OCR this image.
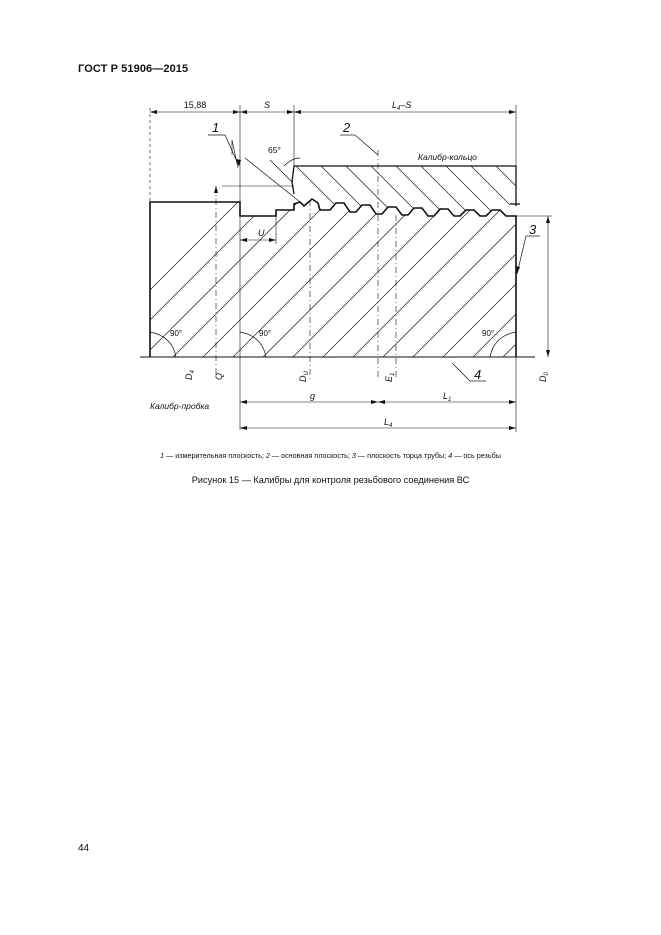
ГОСТ Р 51906—2015
15,88	S	$L_4-S$
1	2
3
4
65°
Калибр-кольцо
Калибр-пробка
U
90°	90°	90°
$D_4$
Q	$D_U$
$E_1$
$D_0$
g	$L_1$
$L_4$
1 — измерительная плоскость; 2 — основная плоскость; 3 — плоскость торца трубы; 4 — ось резьбы
Рисунок 15 — Калибры для контроля резьбового соединения ВС
44
